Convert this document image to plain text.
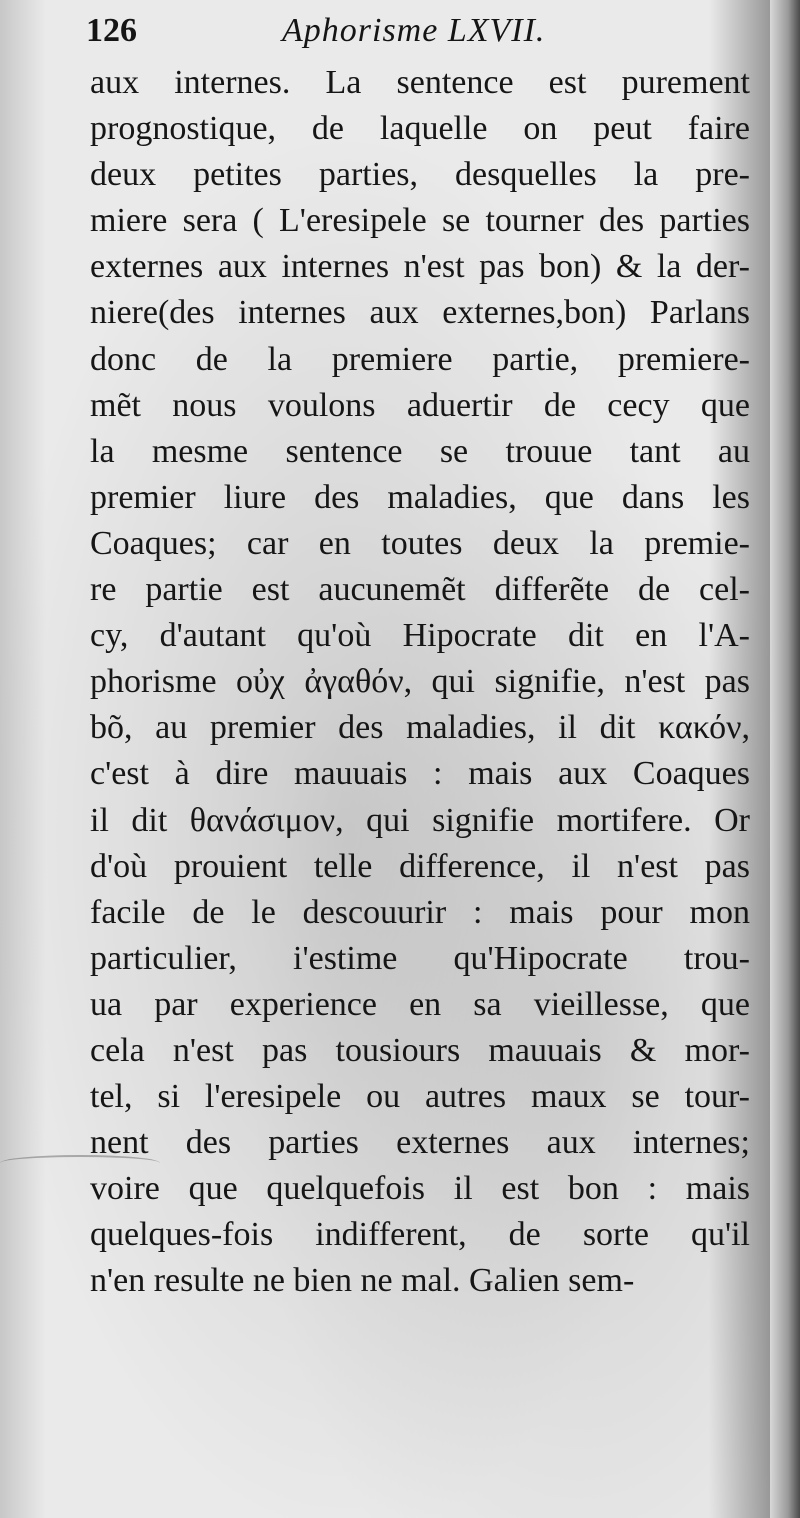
126	Aphorisme LXVII.
aux internes. La sentence est purement
prognostique, de laquelle on peut faire
deux petites parties, desquelles la pre-
miere sera ( L'eresipele se tourner des parties
externes aux internes n'est pas bon) & la der-
niere(des internes aux externes,bon) Parlans
donc de la premiere partie, premiere-
mẽt nous voulons aduertir de cecy que
la mesme sentence se trouue tant au
premier liure des maladies, que dans les
Coaques; car en toutes deux la premie-
re partie est aucunemẽt differẽte de cel-
cy, d'autant qu'où Hipocrate dit en l'A-
phorisme οὐχ ἀγαθόν, qui signifie, n'est pas
bõ, au premier des maladies, il dit κακόν,
c'est à dire mauuais : mais aux Coaques
il dit θανάσιμον, qui signifie mortifere. Or
d'où prouient telle difference, il n'est pas
facile de le descouurir : mais pour mon
particulier, i'estime qu'Hipocrate trou-
ua par experience en sa vieillesse, que
cela n'est pas tousiours mauuais & mor-
tel, si l'eresipele ou autres maux se tour-
nent des parties externes aux internes;
voire que quelquefois il est bon : mais
quelques-fois indifferent, de sorte qu'il
n'en resulte ne bien ne mal. Galien sem-
